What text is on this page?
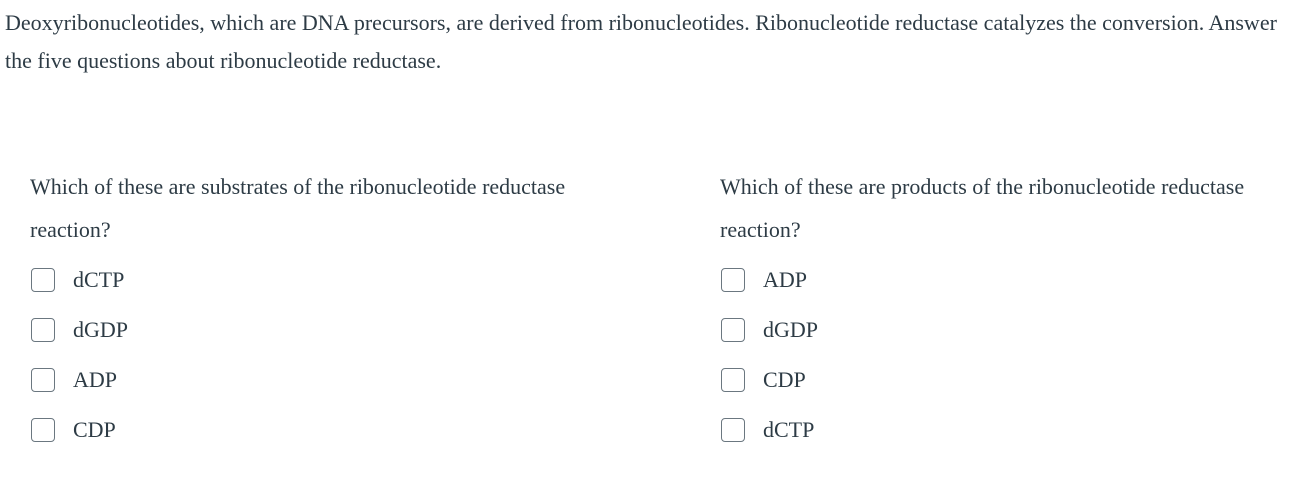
Deoxyribonucleotides, which are DNA precursors, are derived from ribonucleotides. Ribonucleotide reductase catalyzes the conversion. Answer the five questions about ribonucleotide reductase.

Which of these are substrates of the ribonucleotide reductase reaction?

dCTP
dGDP
ADP
CDP

Which of these are products of the ribonucleotide reductase reaction?

ADP
dGDP
CDP
dCTP
